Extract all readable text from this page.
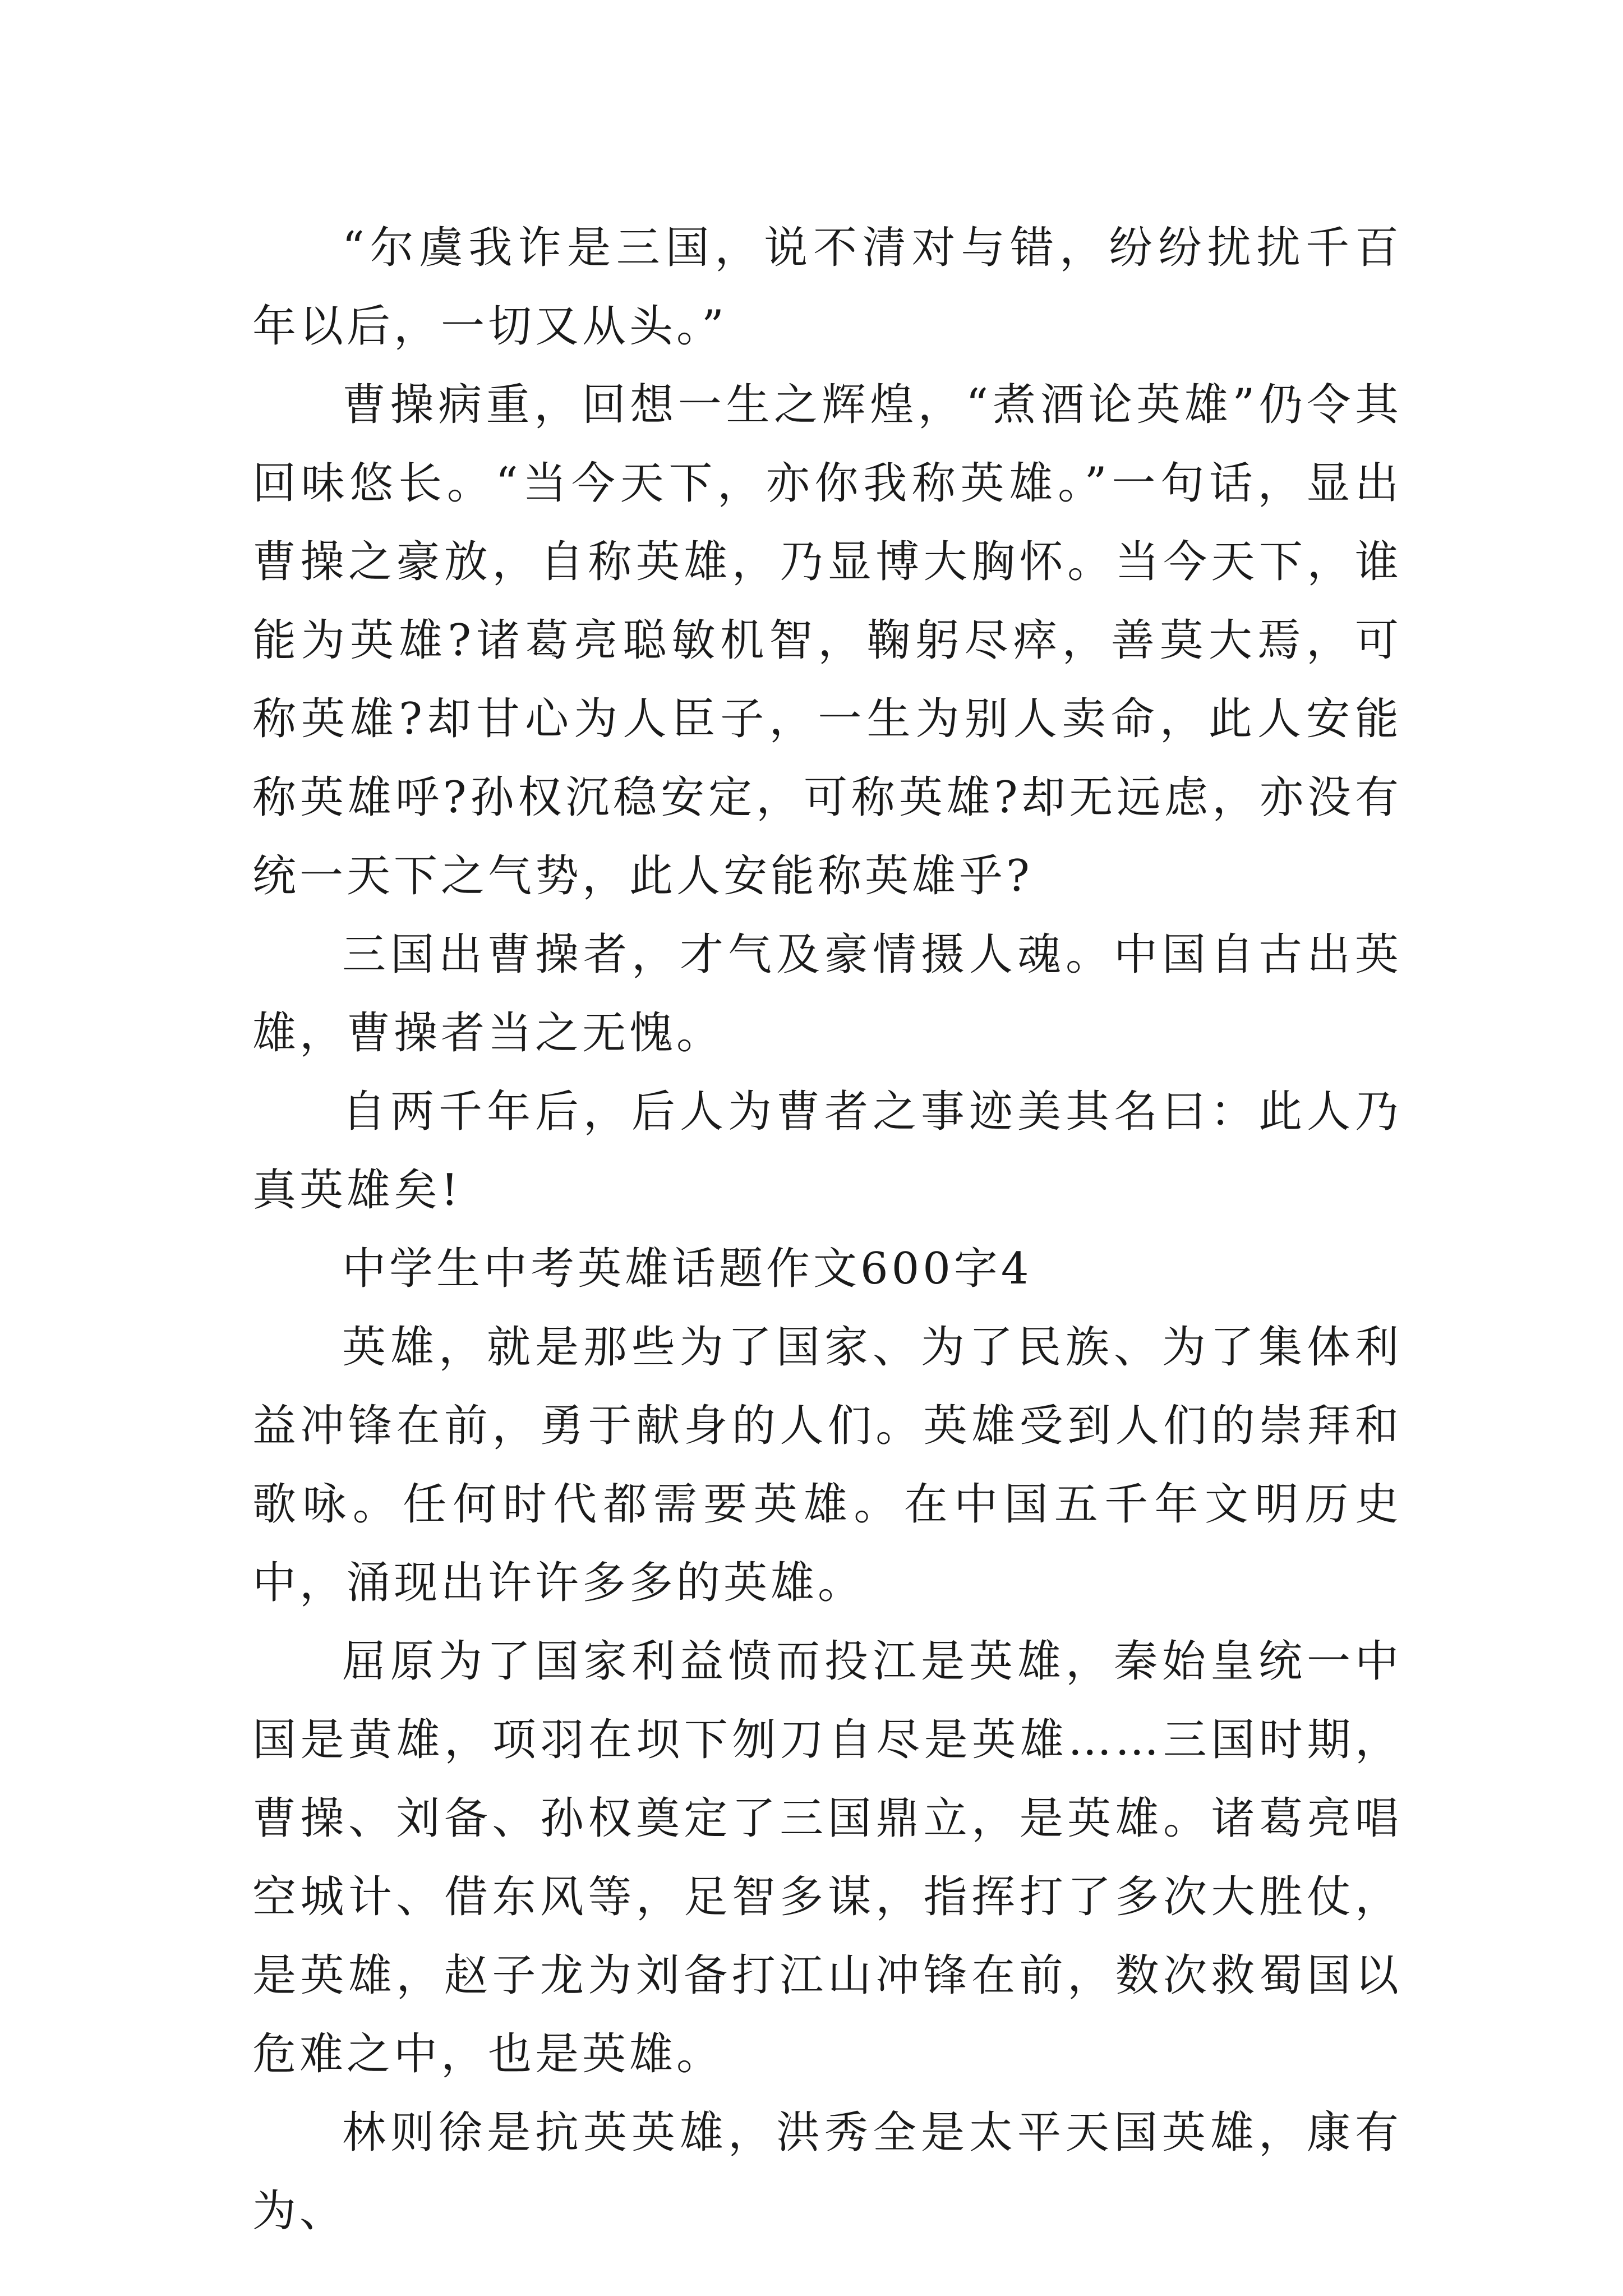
“尔虞我诈是三国，说不清对与错，纷纷扰扰千百年以后，一切又从头。”

曹操病重，回想一生之辉煌，“煮酒论英雄”仍令其回味悠长。“当今天下，亦你我称英雄。”一句话，显出曹操之豪放，自称英雄，乃显博大胸怀。当今天下，谁能为英雄?诸葛亮聪敏机智，鞠躬尽瘁，善莫大焉，可称英雄?却甘心为人臣子，一生为别人卖命，此人安能称英雄呼?孙权沉稳安定，可称英雄?却无远虑，亦没有统一天下之气势，此人安能称英雄乎?

三国出曹操者，才气及豪情摄人魂。中国自古出英雄，曹操者当之无愧。

自两千年后，后人为曹者之事迹美其名曰：此人乃真英雄矣!

中学生中考英雄话题作文600字4

英雄，就是那些为了国家、为了民族、为了集体利益冲锋在前，勇于献身的人们。英雄受到人们的崇拜和歌咏。任何时代都需要英雄。在中国五千年文明历史中，涌现出许许多多的英雄。

屈原为了国家利益愤而投江是英雄，秦始皇统一中国是黄雄，项羽在坝下刎刀自尽是英雄……三国时期，曹操、刘备、孙权奠定了三国鼎立，是英雄。诸葛亮唱空城计、借东风等，足智多谋，指挥打了多次大胜仗，是英雄，赵子龙为刘备打江山冲锋在前，数次救蜀国以危难之中，也是英雄。

林则徐是抗英英雄，洪秀全是太平天国英雄，康有为、
